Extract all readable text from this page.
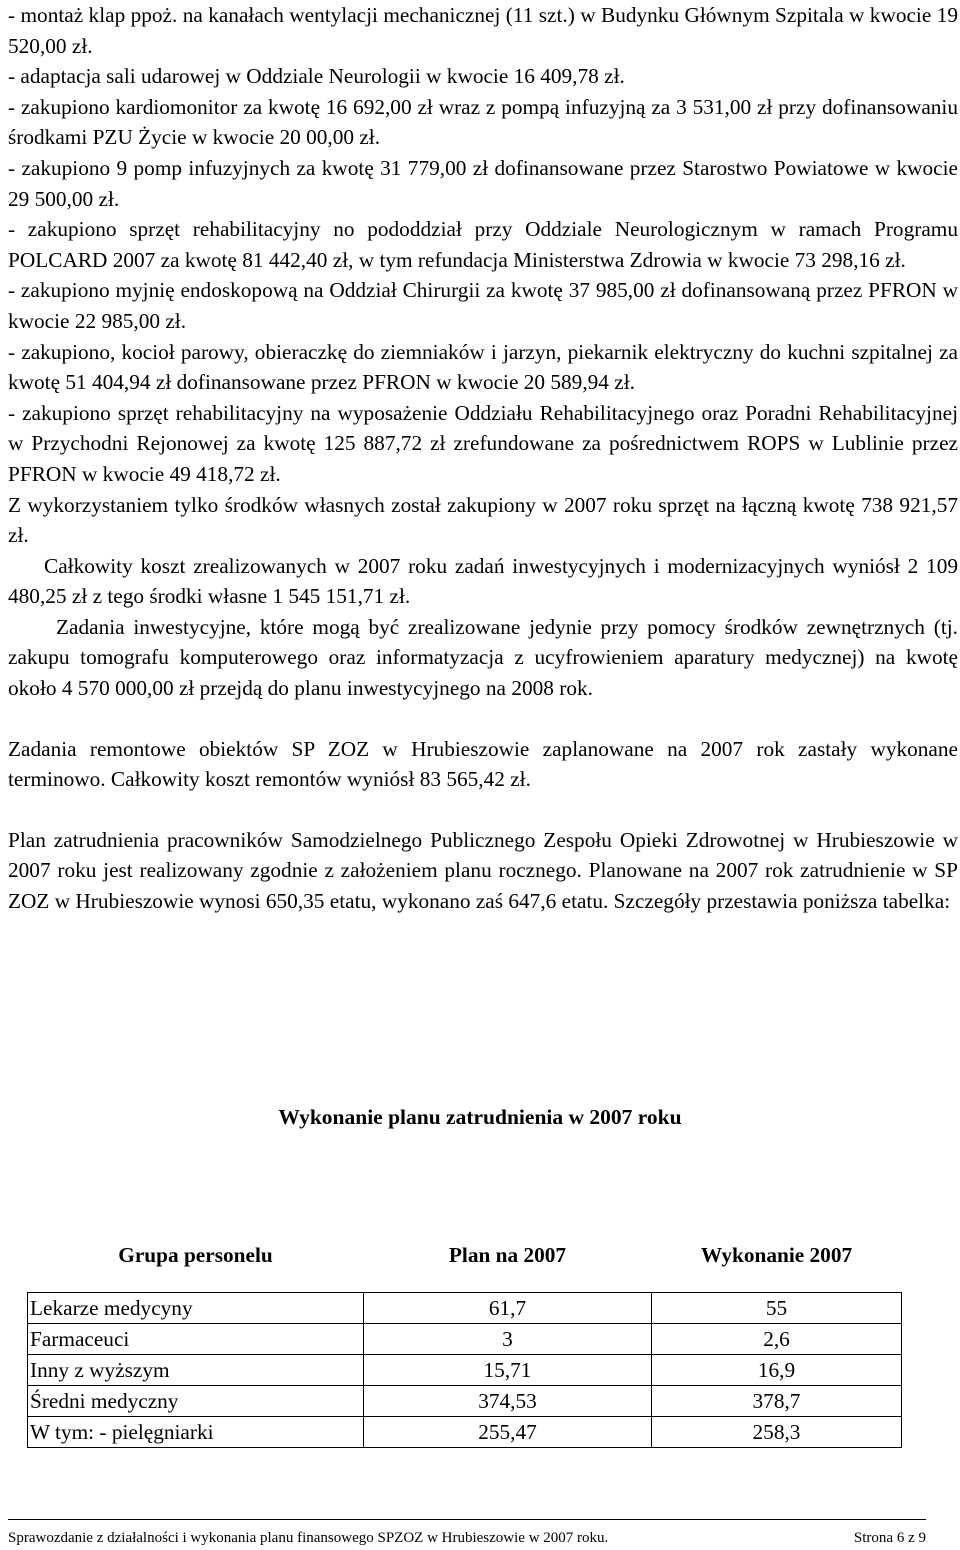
- montaż klap ppoż. na kanałach wentylacji mechanicznej (11 szt.) w Budynku Głównym Szpitala w kwocie 19 520,00 zł.

- adaptacja sali udarowej w Oddziale Neurologii w kwocie 16 409,78 zł.

- zakupiono kardiomonitor za kwotę 16 692,00 zł wraz z pompą infuzyjną za 3 531,00 zł przy dofinansowaniu środkami PZU Życie w kwocie 20 00,00 zł.

- zakupiono 9 pomp infuzyjnych za kwotę 31 779,00 zł dofinansowane przez Starostwo Powiatowe w kwocie 29 500,00 zł.

- zakupiono sprzęt rehabilitacyjny no pododdział przy Oddziale Neurologicznym w ramach Programu POLCARD 2007 za kwotę 81 442,40 zł, w tym refundacja Ministerstwa Zdrowia w kwocie 73 298,16 zł.

- zakupiono myjnię endoskopową na Oddział Chirurgii za kwotę 37 985,00 zł dofinansowaną przez PFRON w kwocie 22 985,00 zł.

- zakupiono, kocioł parowy, obieraczkę do ziemniaków i jarzyn, piekarnik elektryczny do kuchni szpitalnej za kwotę 51 404,94 zł dofinansowane przez PFRON w kwocie 20 589,94 zł.

- zakupiono sprzęt rehabilitacyjny na wyposażenie Oddziału Rehabilitacyjnego oraz Poradni Rehabilitacyjnej w Przychodni Rejonowej za kwotę 125 887,72 zł zrefundowane za pośrednictwem ROPS w Lublinie przez PFRON w kwocie 49 418,72 zł.

Z wykorzystaniem tylko środków własnych został zakupiony w 2007 roku sprzęt na łączną kwotę 738 921,57 zł.

Całkowity koszt zrealizowanych w 2007 roku zadań inwestycyjnych i modernizacyjnych wyniósł 2 109 480,25 zł z tego środki własne 1 545 151,71 zł.

Zadania inwestycyjne, które mogą być zrealizowane jedynie przy pomocy środków zewnętrznych (tj. zakupu tomografu komputerowego oraz informatyzacja z ucyfrowieniem aparatury medycznej) na kwotę około 4 570 000,00 zł przejdą do planu inwestycyjnego na 2008 rok.

Zadania remontowe obiektów SP ZOZ w Hrubieszowie zaplanowane na 2007 rok zastały wykonane terminowo. Całkowity koszt remontów wyniósł 83 565,42 zł.

Plan zatrudnienia pracowników Samodzielnego Publicznego Zespołu Opieki Zdrowotnej w Hrubieszowie w 2007 roku jest realizowany zgodnie z założeniem planu rocznego. Planowane na 2007 rok zatrudnienie w SP ZOZ w Hrubieszowie wynosi 650,35 etatu, wykonano zaś 647,6 etatu. Szczegóły przestawia poniższa tabelka:

Wykonanie planu zatrudnienia w 2007 roku
Grupa personelu	Plan na 2007	Wykonanie 2007
Lekarze medycyny	61,7	55
Farmaceuci	3	2,6
Inny z wyższym	15,71	16,9
Średni medyczny	374,53	378,7
W tym: - pielęgniarki	255,47	258,3
Sprawozdanie z działalności i wykonania planu finansowego SPZOZ w Hrubieszowie w 2007 roku.	Strona 6 z 9
